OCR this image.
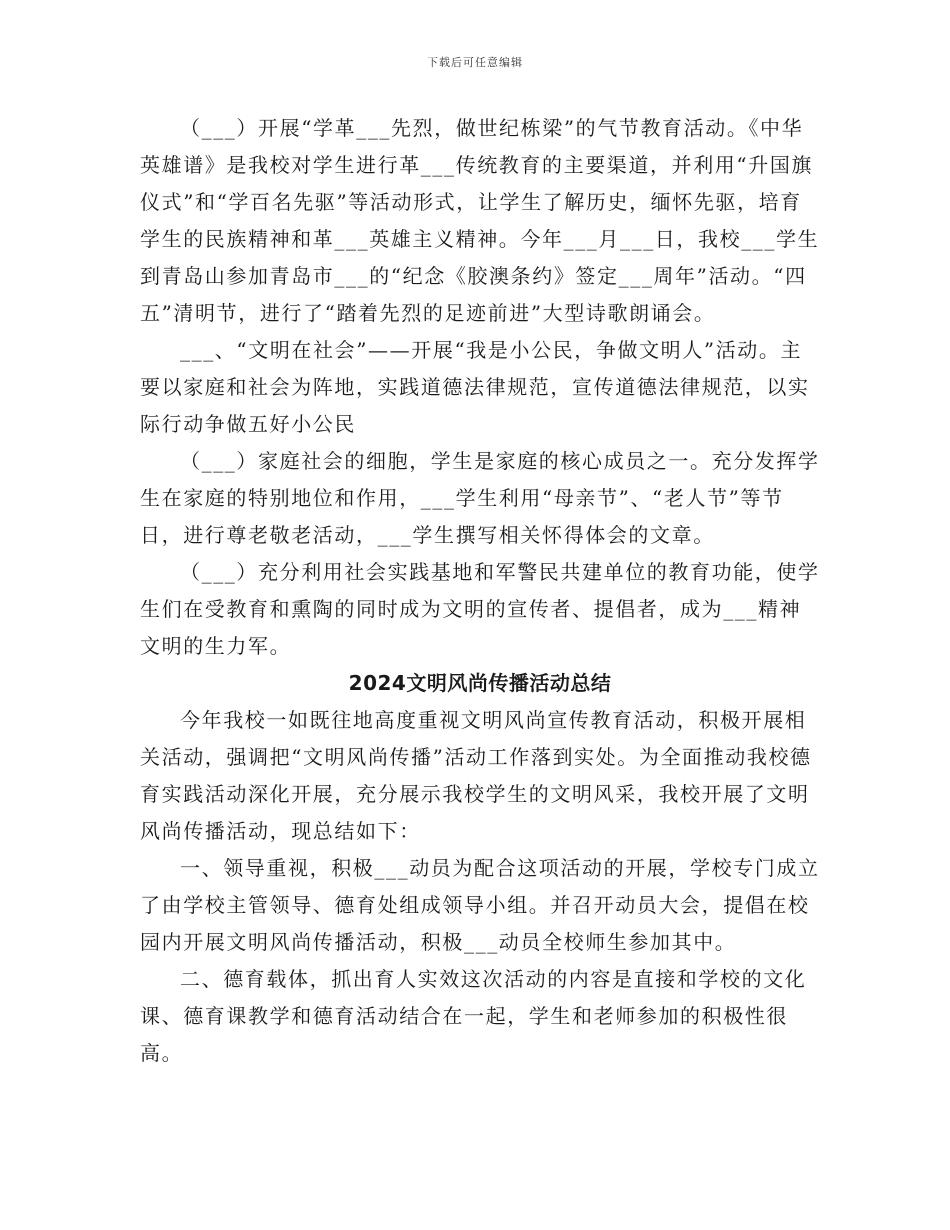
下载后可任意编辑

（___）开展“学革___先烈，做世纪栋梁”的气节教育活动。《中华英雄谱》是我校对学生进行革___传统教育的主要渠道，并利用“升国旗仪式”和“学百名先驱”等活动形式，让学生了解历史，缅怀先驱，培育学生的民族精神和革___英雄主义精神。今年___月___日，我校___学生到青岛山参加青岛市___的“纪念《胶澳条约》签定___周年”活动。“四五”清明节，进行了“踏着先烈的足迹前进”大型诗歌朗诵会。

___、“文明在社会”——开展“我是小公民，争做文明人”活动。主要以家庭和社会为阵地，实践道德法律规范，宣传道德法律规范，以实际行动争做五好小公民

（___）家庭社会的细胞，学生是家庭的核心成员之一。充分发挥学生在家庭的特别地位和作用，___学生利用“母亲节”、“老人节”等节日，进行尊老敬老活动，___学生撰写相关怀得体会的文章。

（___）充分利用社会实践基地和军警民共建单位的教育功能，使学生们在受教育和熏陶的同时成为文明的宣传者、提倡者，成为___精神文明的生力军。

2024文明风尚传播活动总结

今年我校一如既往地高度重视文明风尚宣传教育活动，积极开展相关活动，强调把“文明风尚传播”活动工作落到实处。为全面推动我校德育实践活动深化开展，充分展示我校学生的文明风采，我校开展了文明风尚传播活动，现总结如下：

一、领导重视，积极___动员为配合这项活动的开展，学校专门成立了由学校主管领导、德育处组成领导小组。并召开动员大会，提倡在校园内开展文明风尚传播活动，积极___动员全校师生参加其中。

二、德育载体，抓出育人实效这次活动的内容是直接和学校的文化课、德育课教学和德育活动结合在一起，学生和老师参加的积极性很高。
